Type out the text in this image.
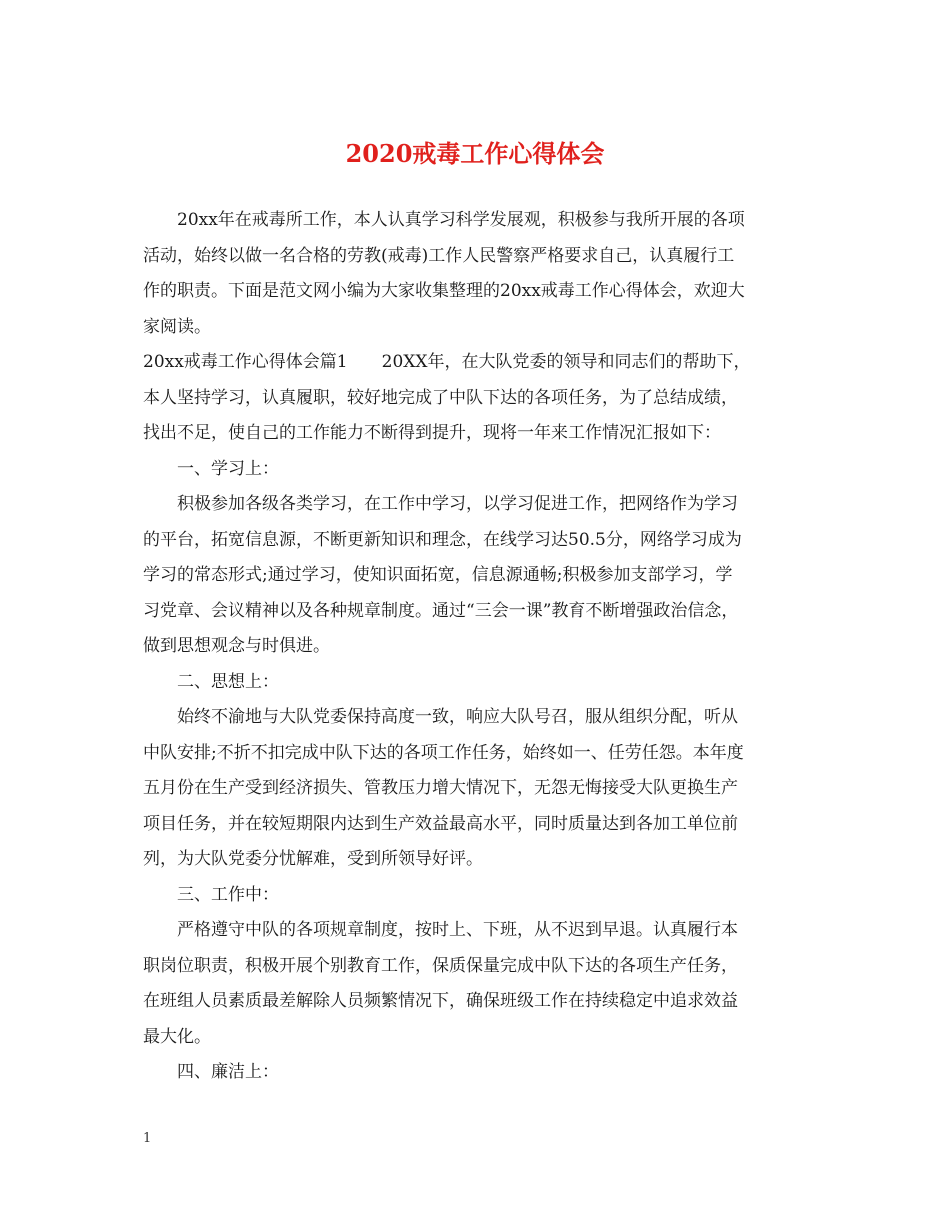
2020戒毒工作心得体会
20xx年在戒毒所工作，本人认真学习科学发展观，积极参与我所开展的各项
活动，始终以做一名合格的劳教(戒毒)工作人民警察严格要求自己，认真履行工
作的职责。下面是范文网小编为大家收集整理的20xx戒毒工作心得体会，欢迎大
家阅读。
20xx戒毒工作心得体会篇1　　20XX年，在大队党委的领导和同志们的帮助下，
本人坚持学习，认真履职，较好地完成了中队下达的各项任务，为了总结成绩，
找出不足，使自己的工作能力不断得到提升，现将一年来工作情况汇报如下：
一、学习上：
积极参加各级各类学习，在工作中学习，以学习促进工作，把网络作为学习
的平台，拓宽信息源，不断更新知识和理念，在线学习达50.5分，网络学习成为
学习的常态形式;通过学习，使知识面拓宽，信息源通畅;积极参加支部学习，学
习党章、会议精神以及各种规章制度。通过“三会一课”教育不断增强政治信念，
做到思想观念与时俱进。
二、思想上：
始终不渝地与大队党委保持高度一致，响应大队号召，服从组织分配，听从
中队安排;不折不扣完成中队下达的各项工作任务，始终如一、任劳任怨。本年度
五月份在生产受到经济损失、管教压力增大情况下，无怨无悔接受大队更换生产
项目任务，并在较短期限内达到生产效益最高水平，同时质量达到各加工单位前
列，为大队党委分忧解难，受到所领导好评。
三、工作中：
严格遵守中队的各项规章制度，按时上、下班，从不迟到早退。认真履行本
职岗位职责，积极开展个别教育工作，保质保量完成中队下达的各项生产任务，
在班组人员素质最差解除人员频繁情况下，确保班级工作在持续稳定中追求效益
最大化。
四、廉洁上：
1
